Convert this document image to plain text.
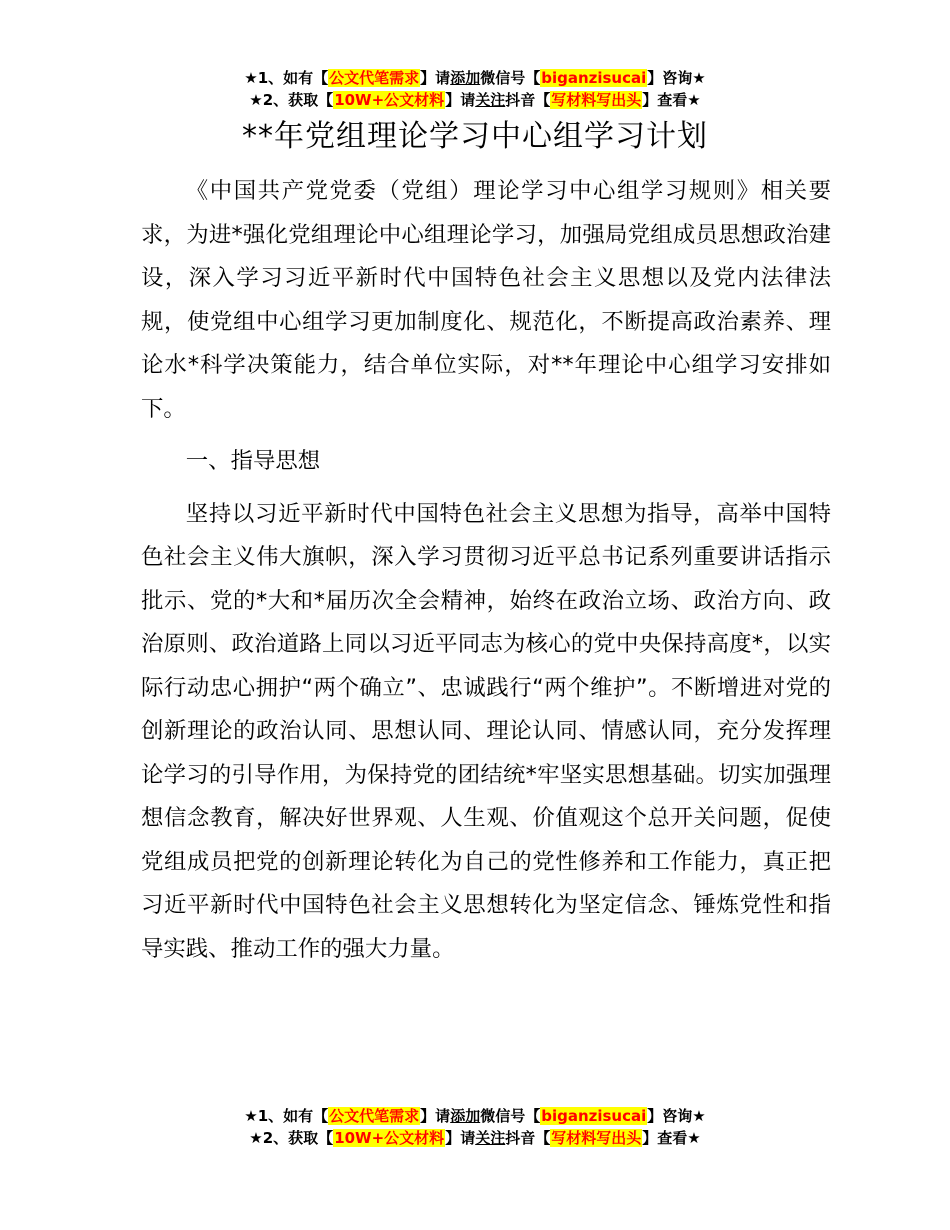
★1、如有【公文代笔需求】请添加微信号【biganzisucai】咨询★
★2、获取【10W+公文材料】请关注抖音【写材料写出头】查看★
**年党组理论学习中心组学习计划

《中国共产党党委（党组）理论学习中心组学习规则》相关要求，为进*强化党组理论中心组理论学习，加强局党组成员思想政治建设，深入学习习近平新时代中国特色社会主义思想以及党内法律法规，使党组中心组学习更加制度化、规范化，不断提高政治素养、理论水*科学决策能力，结合单位实际，对**年理论中心组学习安排如下。

一、指导思想

坚持以习近平新时代中国特色社会主义思想为指导，高举中国特色社会主义伟大旗帜，深入学习贯彻习近平总书记系列重要讲话指示批示、党的*大和*届历次全会精神，始终在政治立场、政治方向、政治原则、政治道路上同以习近平同志为核心的党中央保持高度*，以实际行动忠心拥护“两个确立”、忠诚践行“两个维护”。不断增进对党的创新理论的政治认同、思想认同、理论认同、情感认同，充分发挥理论学习的引导作用，为保持党的团结统*牢坚实思想基础。切实加强理想信念教育，解决好世界观、人生观、价值观这个总开关问题，促使党组成员把党的创新理论转化为自己的党性修养和工作能力，真正把习近平新时代中国特色社会主义思想转化为坚定信念、锤炼党性和指导实践、推动工作的强大力量。

★1、如有【公文代笔需求】请添加微信号【biganzisucai】咨询★
★2、获取【10W+公文材料】请关注抖音【写材料写出头】查看★
